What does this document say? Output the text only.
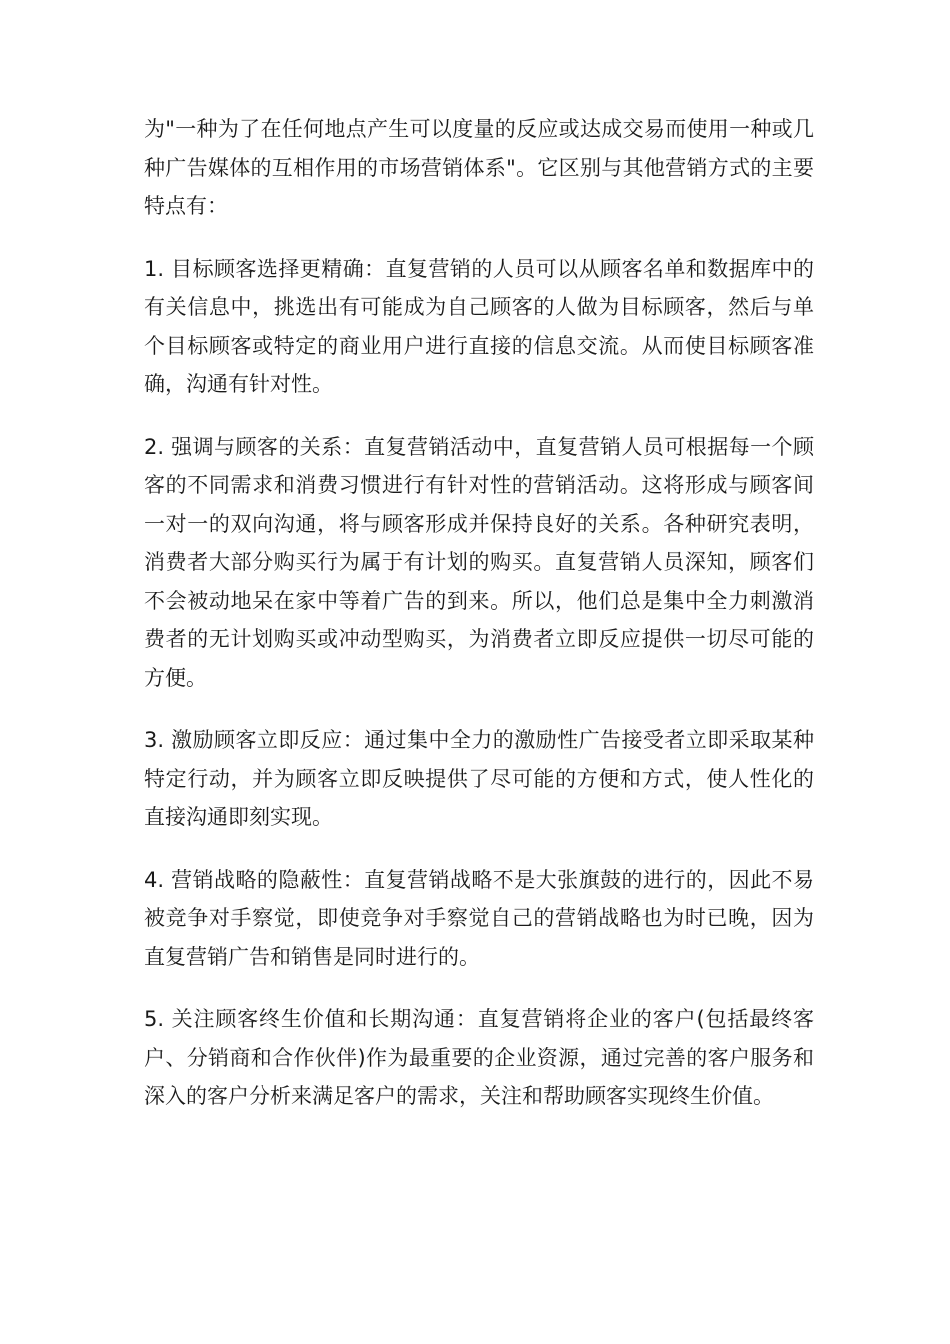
为"一种为了在任何地点产生可以度量的反应或达成交易而使用一种或几种广告媒体的互相作用的市场营销体系"。它区别与其他营销方式的主要特点有：

1. 目标顾客选择更精确：直复营销的人员可以从顾客名单和数据库中的有关信息中，挑选出有可能成为自己顾客的人做为目标顾客，然后与单个目标顾客或特定的商业用户进行直接的信息交流。从而使目标顾客准确，沟通有针对性。

2. 强调与顾客的关系：直复营销活动中，直复营销人员可根据每一个顾客的不同需求和消费习惯进行有针对性的营销活动。这将形成与顾客间一对一的双向沟通，将与顾客形成并保持良好的关系。各种研究表明，消费者大部分购买行为属于有计划的购买。直复营销人员深知，顾客们不会被动地呆在家中等着广告的到来。所以，他们总是集中全力刺激消费者的无计划购买或冲动型购买，为消费者立即反应提供一切尽可能的方便。

3. 激励顾客立即反应：通过集中全力的激励性广告接受者立即采取某种特定行动，并为顾客立即反映提供了尽可能的方便和方式，使人性化的直接沟通即刻实现。

4. 营销战略的隐蔽性：直复营销战略不是大张旗鼓的进行的，因此不易被竞争对手察觉，即使竞争对手察觉自己的营销战略也为时已晚，因为直复营销广告和销售是同时进行的。

5. 关注顾客终生价值和长期沟通：直复营销将企业的客户(包括最终客户、分销商和合作伙伴)作为最重要的企业资源，通过完善的客户服务和深入的客户分析来满足客户的需求，关注和帮助顾客实现终生价值。
